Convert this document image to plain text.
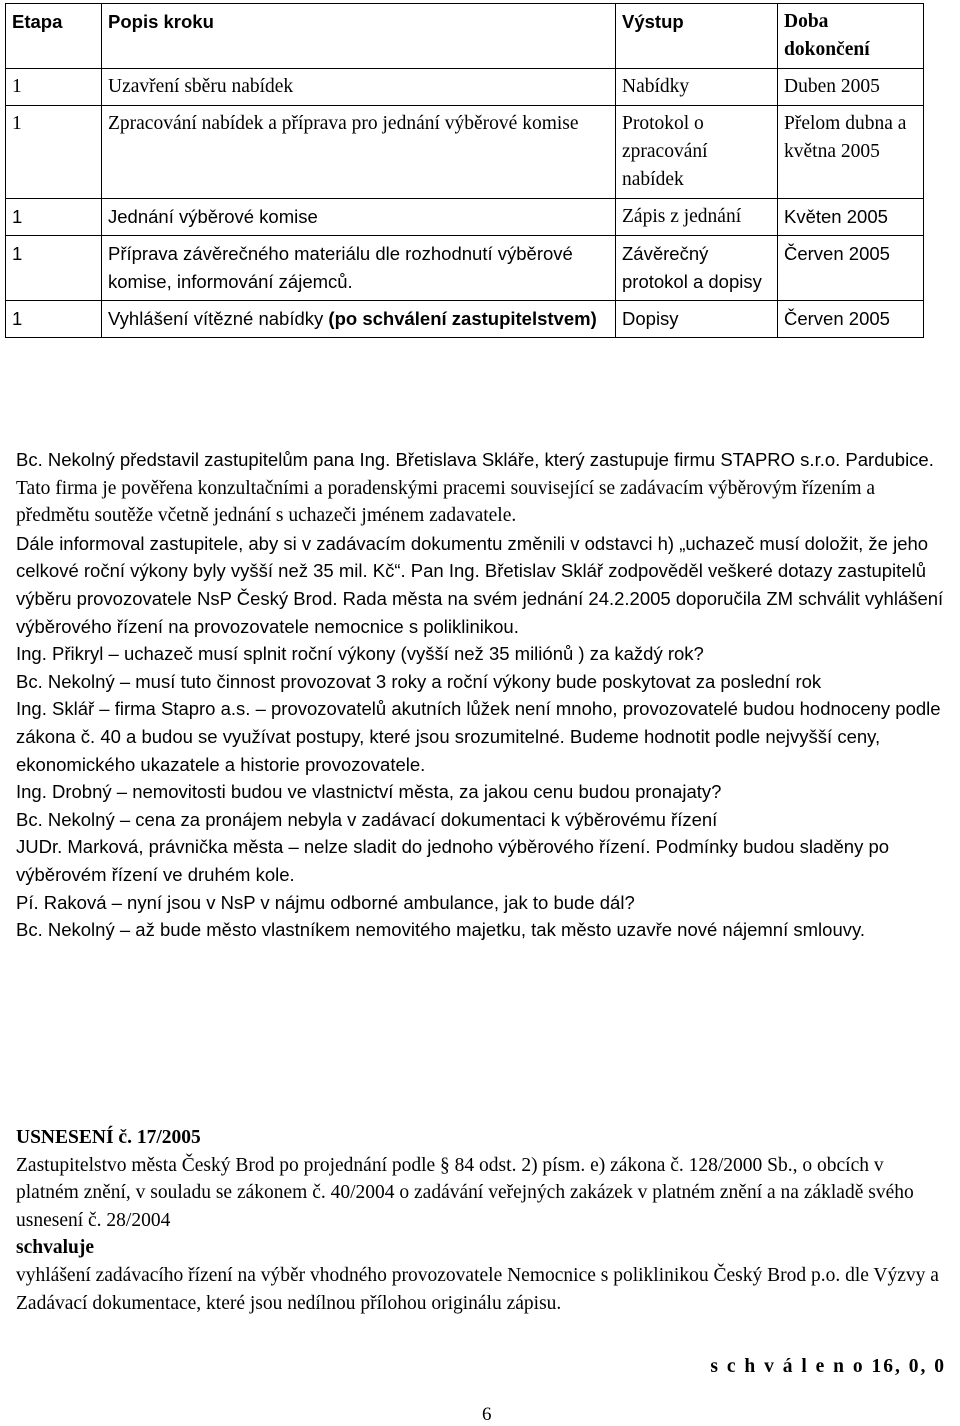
Etapa	Popis kroku	Výstup	Doba dokončení
1	Uzavření sběru nabídek	Nabídky	Duben 2005
1	Zpracování nabídek a příprava pro jednání výběrové komise	Protokol o zpracování nabídek	Přelom dubna a května 2005
1	Jednání výběrové komise	Zápis z jednání	Květen 2005
1	Příprava závěrečného materiálu dle rozhodnutí výběrové komise, informování zájemců.	Závěrečný protokol a dopisy	Červen 2005
1	Vyhlášení vítězné nabídky (po schválení zastupitelstvem)	Dopisy	Červen 2005

Bc. Nekolný představil zastupitelům pana Ing. Břetislava Skláře, který zastupuje firmu STAPRO s.r.o. Pardubice. Tato firma je pověřena konzultačními a poradenskými pracemi související se zadávacím výběrovým řízením a předmětu soutěže včetně jednání s uchazeči jménem zadavatele.

Dále informoval zastupitele, aby si v zadávacím dokumentu změnili v odstavci h) „uchazeč musí doložit, že jeho celkové roční výkony byly vyšší než 35 mil. Kč“. Pan Ing. Břetislav Sklář zodpověděl veškeré dotazy zastupitelů výběru provozovatele NsP Český Brod. Rada města na svém jednání 24.2.2005 doporučila ZM schválit vyhlášení výběrového řízení na provozovatele nemocnice s poliklinikou.

Ing. Přikryl – uchazeč musí splnit roční výkony (vyšší než 35 miliónů ) za každý rok?

Bc. Nekolný – musí tuto činnost provozovat 3 roky a roční výkony bude poskytovat za poslední rok

Ing. Sklář – firma Stapro a.s. – provozovatelů akutních lůžek není mnoho, provozovatelé budou hodnoceny podle zákona č. 40 a budou se využívat postupy, které jsou srozumitelné. Budeme hodnotit podle nejvyšší ceny, ekonomického ukazatele a historie provozovatele.

Ing. Drobný – nemovitosti budou ve vlastnictví města, za jakou cenu budou pronajaty?

Bc. Nekolný – cena za pronájem nebyla v zadávací dokumentaci k výběrovému řízení

JUDr. Marková, právnička města – nelze sladit do jednoho výběrového řízení. Podmínky budou sladěny po výběrovém řízení ve druhém kole.

Pí. Raková – nyní jsou v NsP v nájmu odborné ambulance, jak to bude dál?

Bc. Nekolný – až bude město vlastníkem nemovitého majetku, tak město uzavře nové nájemní smlouvy.

USNESENÍ č. 17/2005

Zastupitelstvo města Český Brod po projednání podle § 84 odst. 2) písm. e) zákona č. 128/2000 Sb., o obcích v platném znění, v souladu se zákonem č. 40/2004 o zadávání veřejných zakázek v platném znění a na základě svého usnesení č. 28/2004

schvaluje

vyhlášení zadávacího řízení na výběr vhodného provozovatele Nemocnice s poliklinikou Český Brod p.o. dle Výzvy a Zadávací dokumentace, které jsou nedílnou přílohou originálu zápisu.

s c h v á l e n o 16, 0, 0
6
